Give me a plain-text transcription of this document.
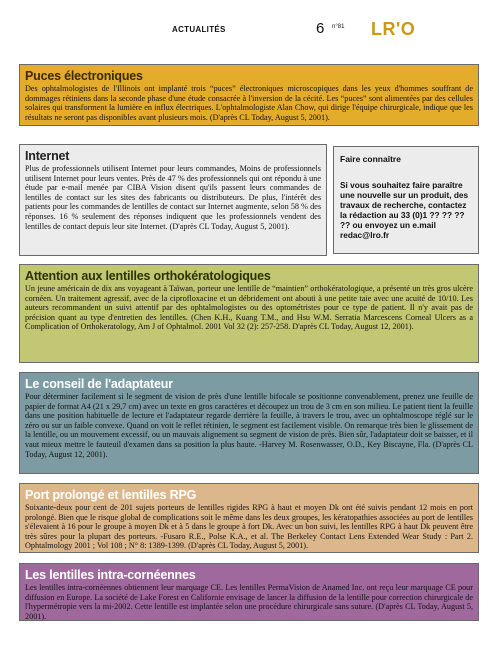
ACTUALITÉS	6 n°81 LR'O
Puces électroniques

Des ophtalmologistes de l'Illinois ont implanté trois “puces” électroniques microscopiques dans les yeux d'hommes souffrant de dommages rétiniens dans la seconde phase d'une étude consacrée à l'inversion de la cécité. Les “puces” sont alimentées par des cellules solaires qui transforment la lumière en influx électriques. L'ophtalmologiste Alan Chow, qui dirige l'équipe chirurgicale, indique que les résultats ne seront pas disponibles avant plusieurs mois. (D'après CL Today, August 5, 2001).

Internet

Plus de professionnels utilisent Internet pour leurs commandes, Moins de professionnels utilisent Internet pour leurs ventes. Près de 47 % des professionnels qui ont répondu à une étude par e-mail menée par CIBA Vision disent qu'ils passent leurs commandes de lentilles de contact sur les sites des fabricants ou distributeurs. De plus, l'intérêt des patients pour les commandes de lentilles de contact sur Internet augmente, selon 58 % des réponses. 16 % seulement des réponses indiquent que les professionnels vendent des lentilles de contact depuis leur site Internet. (D'après CL Today, August 5, 2001).

Faire connaître
Si vous souhaitez faire paraître une nouvelle sur un produit, des travaux de recherche, contactez la rédaction au 33 (0)1 ?? ?? ?? ?? ou envoyez un e.mail redac@lro.fr
Attention aux lentilles orthokératologiques

Un jeune américain de dix ans voyageant à Taïwan, porteur une lentille de “maintien” orthokératologique, a présenté un très gros ulcère cornéen. Un traitement agressif, avec de la ciprofloxacine et un débridement ont abouti à une petite taie avec une acuité de 10/10. Les auteurs recommandent un suivi attentif par des ophtalmologistes ou des optométristes pour ce type de patient. Il n'y avait pas de précision quant au type d'entretien des lentilles. (Chen K.H., Kuang T.M., and Hsu W.M. Serratia Marcescens Corneal Ulcers as a Complication of Orthokeratology, Am J of Ophtalmol. 2001 Vol 32 (2): 257-258. D'après CL Today, August 12, 2001).

Le conseil de l'adaptateur

Pour déterminer facilement si le segment de vision de près d'une lentille bifocale se positionne convenablement, prenez une feuille de papier de format A4 (21 x 29,7 cm) avec un texte en gros caractères et découpez un trou de 3 cm en son milieu. Le patient tient la feuille dans une position habituelle de lecture et l'adaptateur regarde derrière la feuille, à travers le trou, avec un ophtalmoscope réglé sur le zéro ou sur un faible convexe. Quand on voit le reflet rétinien, le segment est facilement visible. On remarque très bien le glissement de la lentille, ou un mouvement excessif, ou un mauvais alignement su segment de vision de près. Bien sûr, l'adaptateur doit se baisser, et il vaut mieux mettre le fauteuil d'examen dans sa position la plus haute. -Harvey M. Rosenwasser, O.D., Key Biscayne, Fla. (D'après CL Today, August 12, 2001).

Port prolongé et lentilles RPG

Soixante-deux pour cent de 201 sujets porteurs de lentilles rigides RPG à haut et moyen Dk ont été suivis pendant 12 mois en port prolongé. Bien que le risque global de complications soit le même dans les deux groupes, les kératopathies associées au port de lentilles s'élevaient à 16 pour le groupe à moyen Dk et à 5 dans le groupe à fort Dk. Avec un bon suivi, les lentilles RPG à haut Dk peuvent être très sûres pour la plupart des porteurs. -Fusaro R.E., Polse K.A., et al. The Berkeley Contact Lens Extended Wear Study : Part 2. Ophtalmology 2001 ; Vol 108 ; N° 8: 1389-1399. (D'après CL Today, August 5, 2001).

Les lentilles intra-cornéennes

Les lentilles intra-cornéennes obtiennent leur marquage CE. Les lentilles PermaVision de Anamed Inc. ont reçu leur marquage CE pour diffusion en Europe. La société de Lake Forest en Californie envisage de lancer la diffusion de la lentille pour correction chirurgicale de l'hypermétropie vers la mi-2002. Cette lentille est implantée selon une procédure chirurgicale sans suture. (D'après CL Today, August 5, 2001).
